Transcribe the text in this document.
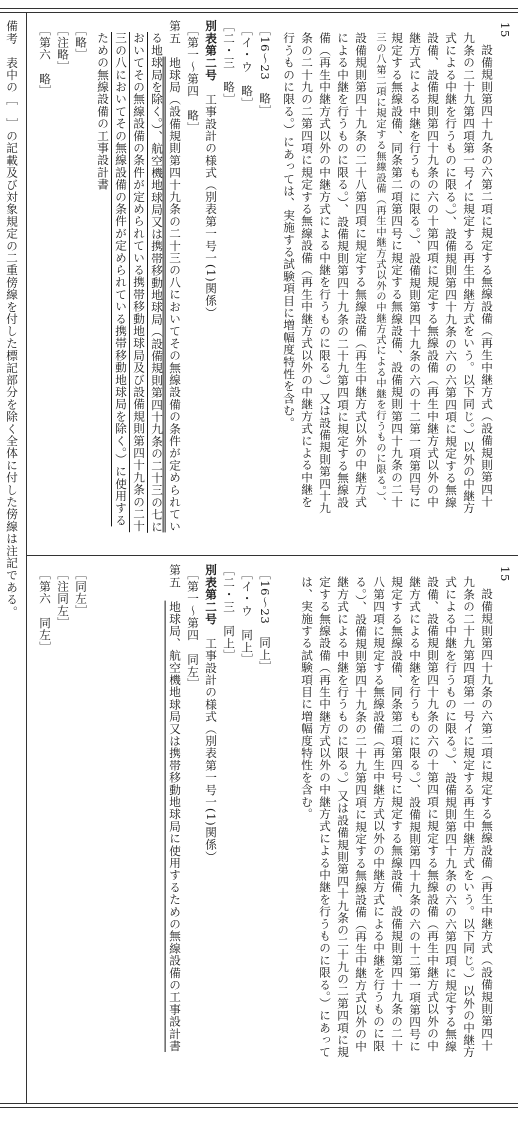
備考　表中の［　］の記載及び対象規定の二重傍線を付した標記部分を除く全体に付した傍線は注記である。	15
設備規則第四十九条の六第二項に規定する無線設備（再生中継方式（設備規則第四十
九条の二十九第四項第一号イに規定する再生中継方式をいう。以下同じ。）以外の中継方
式による中継を行うものに限る。）、設備規則第四十九条の六の六第四項に規定する無線
設備、設備規則第四十九条の六の十第四項に規定する無線設備（再生中継方式以外の中
継方式による中継を行うものに限る。）、設備規則第四十九条の六の十二第一項第四号に
規定する無線設備、同条第二項第四号に規定する無線設備、設備規則第四十九条の二十
三の八第二項に規定する無線設備（再生中継方式以外の中継方式による中継を行うものに限る。）、
設備規則第四十九条の二十八第四項に規定する無線設備（再生中継方式以外の中継方式
による中継を行うものに限る。）、設備規則第四十九条の二十九第四項に規定する無線設
備（再生中継方式以外の中継方式による中継を行うものに限る。）又は設備規則第四十九
条の二十九の二第四項に規定する無線設備（再生中継方式以外の中継方式による中継を
行うものに限る。）にあっては、実施する試験項目に増幅度特性を含む。
［16～23　略］
［イ・ウ　略］
［二・三　略］
別表第二号　工事設計の様式（別表第一号一(1)関係）
［第一～第四　略］
第五　地球局（設備規則第四十九条の二十三の八においてその無線設備の条件が定められてい
る地球局を除く。）、航空機地球局又は携帯移動地球局（設備規則第四十九条の二十三の七に
おいてその無線設備の条件が定められている携帯移動地球局及び設備規則第四十九条の二十
三の八においてその無線設備の条件が定められている携帯移動地球局を除く。）に使用する
ための無線設備の工事設計書
［略］
［注略］
［第六　略］
15
設備規則第四十九条の六第二項に規定する無線設備（再生中継方式（設備規則第四十
九条の二十九第四項第一号イに規定する再生中継方式をいう。以下同じ。）以外の中継方
式による中継を行うものに限る。）、設備規則第四十九条の六の六第四項に規定する無線
設備、設備規則第四十九条の六の十第四項に規定する無線設備（再生中継方式以外の中
継方式による中継を行うものに限る。）、設備規則第四十九条の六の十二第一項第四号に
規定する無線設備、同条第二項第四号に規定する無線設備、設備規則第四十九条の二十
八第四項に規定する無線設備（再生中継方式以外の中継方式による中継を行うものに限
る。）、設備規則第四十九条の二十九第四項に規定する無線設備（再生中継方式以外の中
継方式による中継を行うものに限る。）又は設備規則第四十九条の二十九の二第四項に規
定する無線設備（再生中継方式以外の中継方式による中継を行うものに限る。）にあって
は、実施する試験項目に増幅度特性を含む。
［16～23　同上］
［イ・ウ　同上］
［二・三　同上］
別表第二号　工事設計の様式（別表第一号一(1)関係）
［第一～第四　同左］
第五　地球局、航空機地球局又は携帯移動地球局に使用するための無線設備の工事設計書
［同左］
［注同左］
［第六　同左］
